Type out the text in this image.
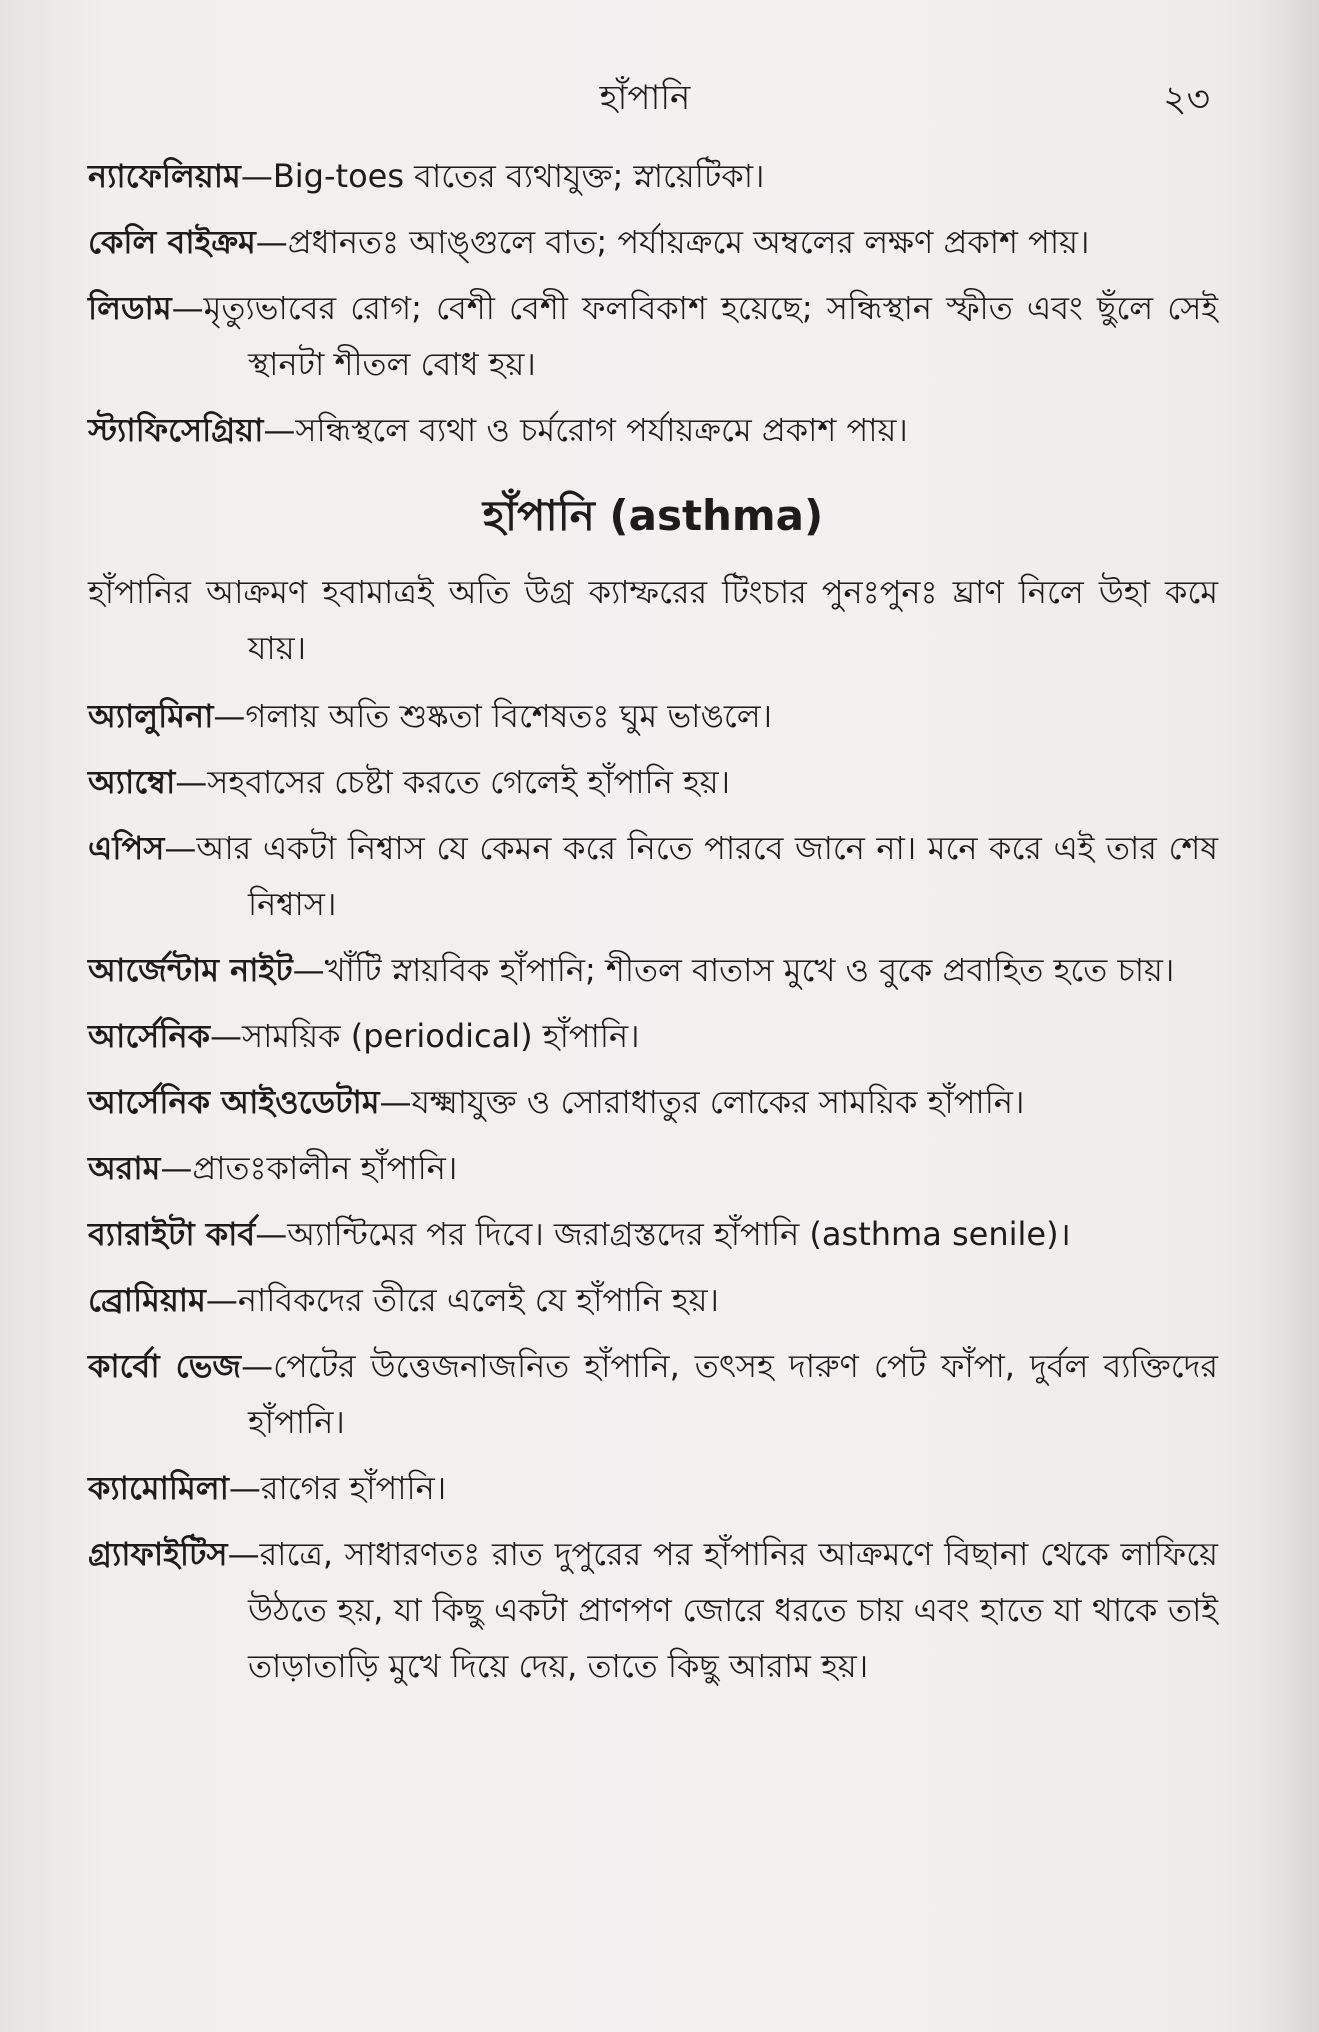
হাঁপানি	২৩

ন্যাফেলিয়াম—Big-toes বাতের ব্যথাযুক্ত; স্নায়েটিকা।

কেলি বাইক্রম—প্রধানতঃ আঙ্গুলে বাত; পর্যায়ক্রমে অম্বলের লক্ষণ প্রকাশ পায়।

লিডাম—মৃত্যুভাবের রোগ; বেশী বেশী ফলবিকাশ হয়েছে; সন্ধিস্থান স্ফীত এবং ছুঁলে সেই স্থানটা শীতল বোধ হয়।

স্ট্যাফিসেগ্রিয়া—সন্ধিস্থলে ব্যথা ও চর্মরোগ পর্যায়ক্রমে প্রকাশ পায়।

হাঁপানি (asthma)

হাঁপানির আক্রমণ হবামাত্রই অতি উগ্র ক্যাম্ফরের টিংচার পুনঃপুনঃ ঘ্রাণ নিলে উহা কমে যায়।

অ্যালুমিনা—গলায় অতি শুষ্কতা বিশেষতঃ ঘুম ভাঙলে।

অ্যাম্বো—সহবাসের চেষ্টা করতে গেলেই হাঁপানি হয়।

এপিস—আর একটা নিশ্বাস যে কেমন করে নিতে পারবে জানে না। মনে করে এই তার শেষ নিশ্বাস।

আর্জেন্টাম নাইট—খাঁটি স্নায়বিক হাঁপানি; শীতল বাতাস মুখে ও বুকে প্রবাহিত হতে চায়।

আর্সেনিক—সাময়িক (periodical) হাঁপানি।

আর্সেনিক আইওডেটাম—যক্ষ্মাযুক্ত ও সোরাধাতুর লোকের সাময়িক হাঁপানি।

অরাম—প্রাতঃকালীন হাঁপানি।

ব্যারাইটা কার্ব—অ্যান্টিমের পর দিবে। জরাগ্রস্তদের হাঁপানি (asthma senile)।

ব্রোমিয়াম—নাবিকদের তীরে এলেই যে হাঁপানি হয়।

কার্বো ভেজ—পেটের উত্তেজনাজনিত হাঁপানি, তৎসহ দারুণ পেট ফাঁপা, দুর্বল ব্যক্তিদের হাঁপানি।

ক্যামোমিলা—রাগের হাঁপানি।

গ্র্যাফাইটিস—রাত্রে, সাধারণতঃ রাত দুপুরের পর হাঁপানির আক্রমণে বিছানা থেকে লাফিয়ে উঠতে হয়, যা কিছু একটা প্রাণপণ জোরে ধরতে চায় এবং হাতে যা থাকে তাই তাড়াতাড়ি মুখে দিয়ে দেয়, তাতে কিছু আরাম হয়।
